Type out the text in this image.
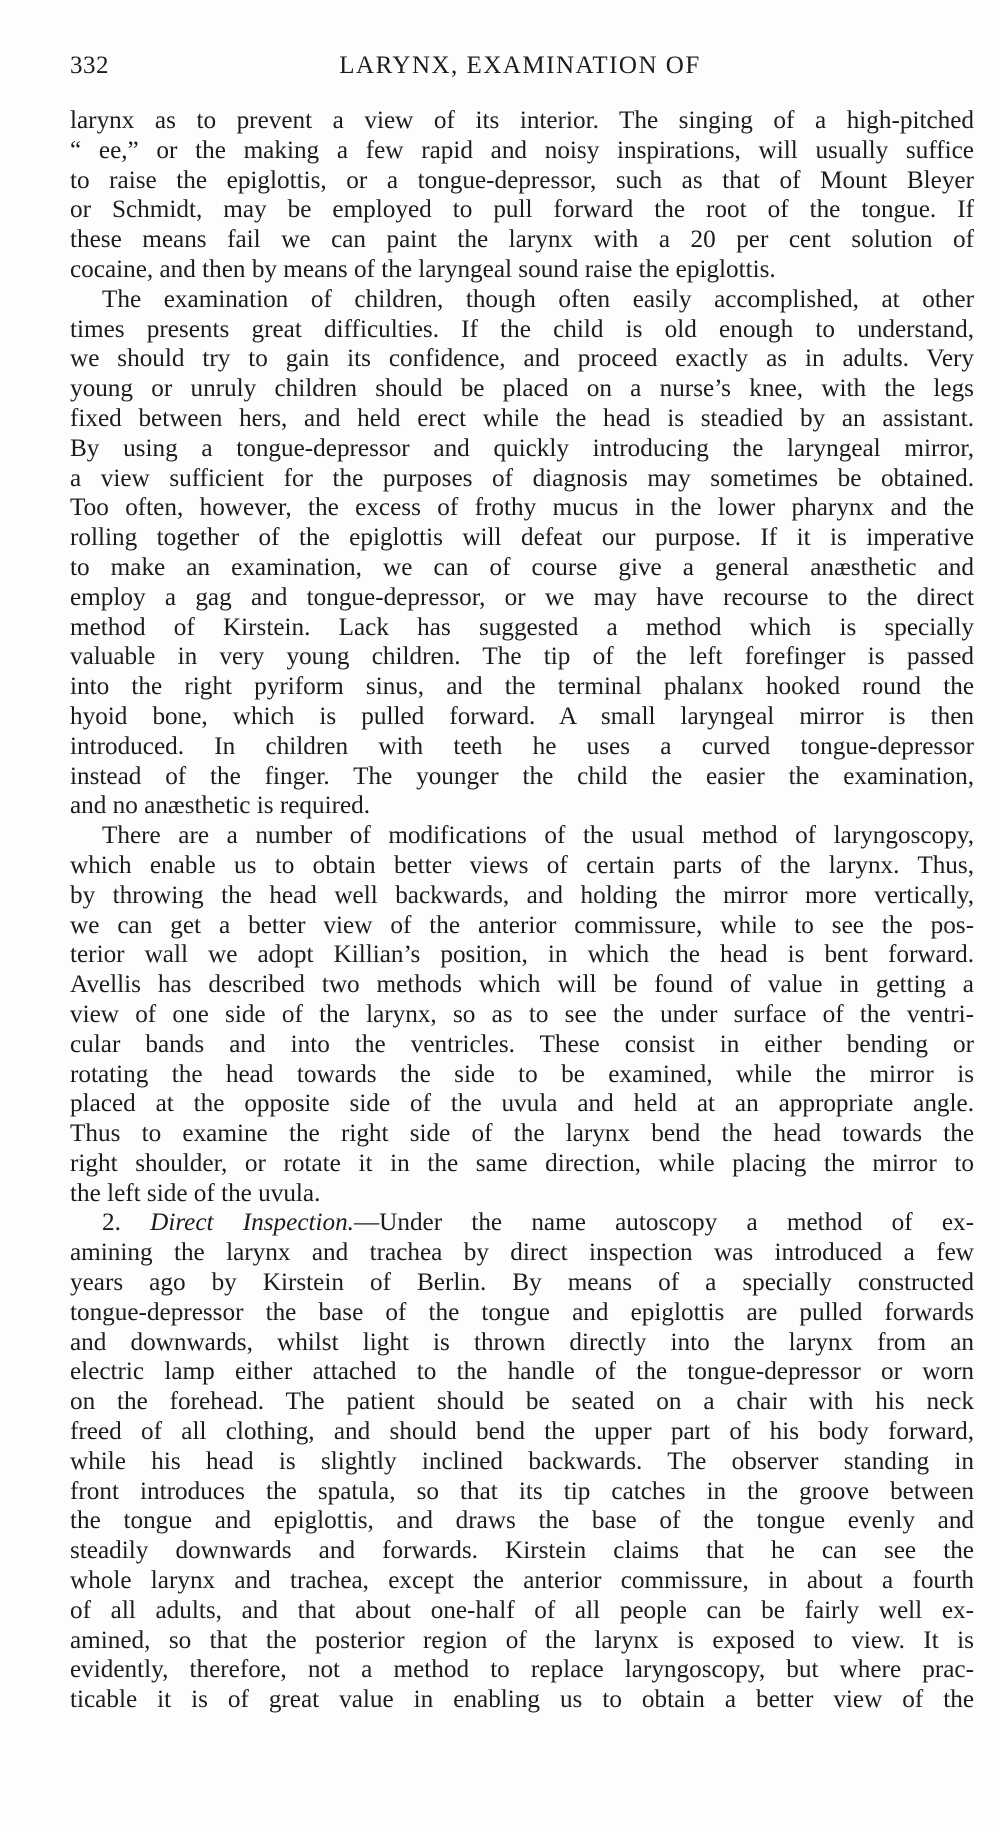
332	LARYNX, EXAMINATION OF
larynx as to prevent a view of its interior. The singing of a high-pitched
“ ee,” or the making a few rapid and noisy inspirations, will usually suffice
to raise the epiglottis, or a tongue-depressor, such as that of Mount Bleyer
or Schmidt, may be employed to pull forward the root of the tongue. If
these means fail we can paint the larynx with a 20 per cent solution of
cocaine, and then by means of the laryngeal sound raise the epiglottis.
The examination of children, though often easily accomplished, at other
times presents great difficulties. If the child is old enough to understand,
we should try to gain its confidence, and proceed exactly as in adults. Very
young or unruly children should be placed on a nurse’s knee, with the legs
fixed between hers, and held erect while the head is steadied by an assistant.
By using a tongue-depressor and quickly introducing the laryngeal mirror,
a view sufficient for the purposes of diagnosis may sometimes be obtained.
Too often, however, the excess of frothy mucus in the lower pharynx and the
rolling together of the epiglottis will defeat our purpose. If it is imperative
to make an examination, we can of course give a general anæsthetic and
employ a gag and tongue-depressor, or we may have recourse to the direct
method of Kirstein. Lack has suggested a method which is specially
valuable in very young children. The tip of the left forefinger is passed
into the right pyriform sinus, and the terminal phalanx hooked round the
hyoid bone, which is pulled forward. A small laryngeal mirror is then
introduced. In children with teeth he uses a curved tongue-depressor
instead of the finger. The younger the child the easier the examination,
and no anæsthetic is required.
There are a number of modifications of the usual method of laryngoscopy,
which enable us to obtain better views of certain parts of the larynx. Thus,
by throwing the head well backwards, and holding the mirror more vertically,
we can get a better view of the anterior commissure, while to see the pos-
terior wall we adopt Killian’s position, in which the head is bent forward.
Avellis has described two methods which will be found of value in getting a
view of one side of the larynx, so as to see the under surface of the ventri-
cular bands and into the ventricles. These consist in either bending or
rotating the head towards the side to be examined, while the mirror is
placed at the opposite side of the uvula and held at an appropriate angle.
Thus to examine the right side of the larynx bend the head towards the
right shoulder, or rotate it in the same direction, while placing the mirror to
the left side of the uvula.
2. Direct Inspection.—Under the name autoscopy a method of ex-
amining the larynx and trachea by direct inspection was introduced a few
years ago by Kirstein of Berlin. By means of a specially constructed
tongue-depressor the base of the tongue and epiglottis are pulled forwards
and downwards, whilst light is thrown directly into the larynx from an
electric lamp either attached to the handle of the tongue-depressor or worn
on the forehead. The patient should be seated on a chair with his neck
freed of all clothing, and should bend the upper part of his body forward,
while his head is slightly inclined backwards. The observer standing in
front introduces the spatula, so that its tip catches in the groove between
the tongue and epiglottis, and draws the base of the tongue evenly and
steadily downwards and forwards. Kirstein claims that he can see the
whole larynx and trachea, except the anterior commissure, in about a fourth
of all adults, and that about one-half of all people can be fairly well ex-
amined, so that the posterior region of the larynx is exposed to view. It is
evidently, therefore, not a method to replace laryngoscopy, but where prac-
ticable it is of great value in enabling us to obtain a better view of the
